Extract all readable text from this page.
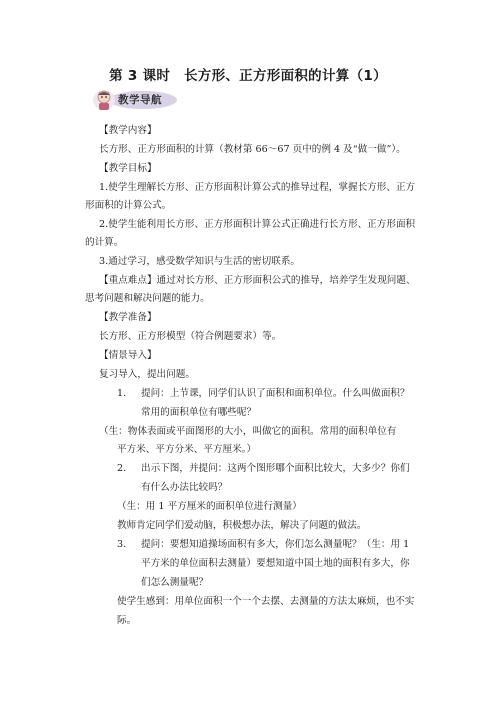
第 3 课时　长方形、正方形面积的计算（1）
教学导航
【教学内容】
长方形、正方形面积的计算（教材第 66～67 页中的例 4 及“做一做”）。
【教学目标】
1.使学生理解长方形、正方形面积计算公式的推导过程，掌握长方形、正方
形面积的计算公式。
2.使学生能利用长方形、正方形面积计算公式正确进行长方形、正方形面积
的计算。
3.通过学习，感受数学知识与生活的密切联系。
【重点难点】通过对长方形、正方形面积公式的推导，培养学生发现问题、
思考问题和解决问题的能力。
【教学准备】
长方形、正方形模型（符合例题要求）等。
【情景导入】
复习导入，提出问题。
1. 提问：上节课，同学们认识了面积和面积单位。什么叫做面积？
常用的面积单位有哪些呢？
（生：物体表面或平面图形的大小，叫做它的面积。常用的面积单位有
平方米、平方分米、平方厘米。）
2. 出示下图，并提问：这两个图形哪个面积比较大，大多少？你们
有什么办法比较吗？
（生：用 1 平方厘米的面积单位进行测量）
教师肯定同学们爱动脑，积极想办法，解决了问题的做法。
3. 提问：要想知道操场面积有多大，你们怎么测量呢？（生：用 1
平方米的单位面积去测量）要想知道中国土地的面积有多大，你
们怎么测量呢？
使学生感到：用单位面积一个一个去摆、去测量的方法太麻烦，也不实
际。
